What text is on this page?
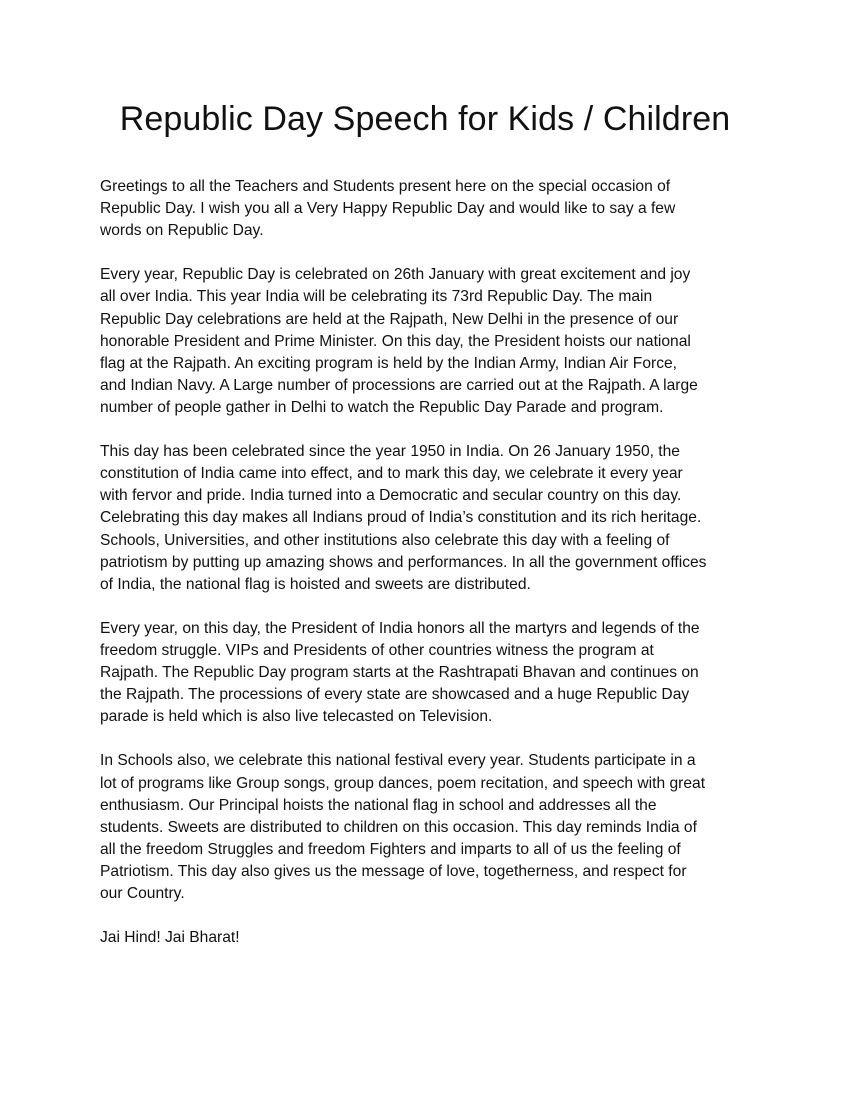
Republic Day Speech for Kids / Children

Greetings to all the Teachers and Students present here on the special occasion of
Republic Day. I wish you all a Very Happy Republic Day and would like to say a few
words on Republic Day.

Every year, Republic Day is celebrated on 26th January with great excitement and joy
all over India. This year India will be celebrating its 73rd Republic Day. The main
Republic Day celebrations are held at the Rajpath, New Delhi in the presence of our
honorable President and Prime Minister. On this day, the President hoists our national
flag at the Rajpath. An exciting program is held by the Indian Army, Indian Air Force,
and Indian Navy. A Large number of processions are carried out at the Rajpath. A large
number of people gather in Delhi to watch the Republic Day Parade and program.

This day has been celebrated since the year 1950 in India. On 26 January 1950, the
constitution of India came into effect, and to mark this day, we celebrate it every year
with fervor and pride. India turned into a Democratic and secular country on this day.
Celebrating this day makes all Indians proud of India’s constitution and its rich heritage.
Schools, Universities, and other institutions also celebrate this day with a feeling of
patriotism by putting up amazing shows and performances. In all the government offices
of India, the national flag is hoisted and sweets are distributed.

Every year, on this day, the President of India honors all the martyrs and legends of the
freedom struggle. VIPs and Presidents of other countries witness the program at
Rajpath. The Republic Day program starts at the Rashtrapati Bhavan and continues on
the Rajpath. The processions of every state are showcased and a huge Republic Day
parade is held which is also live telecasted on Television.

In Schools also, we celebrate this national festival every year. Students participate in a
lot of programs like Group songs, group dances, poem recitation, and speech with great
enthusiasm. Our Principal hoists the national flag in school and addresses all the
students. Sweets are distributed to children on this occasion. This day reminds India of
all the freedom Struggles and freedom Fighters and imparts to all of us the feeling of
Patriotism. This day also gives us the message of love, togetherness, and respect for
our Country.

Jai Hind! Jai Bharat!
